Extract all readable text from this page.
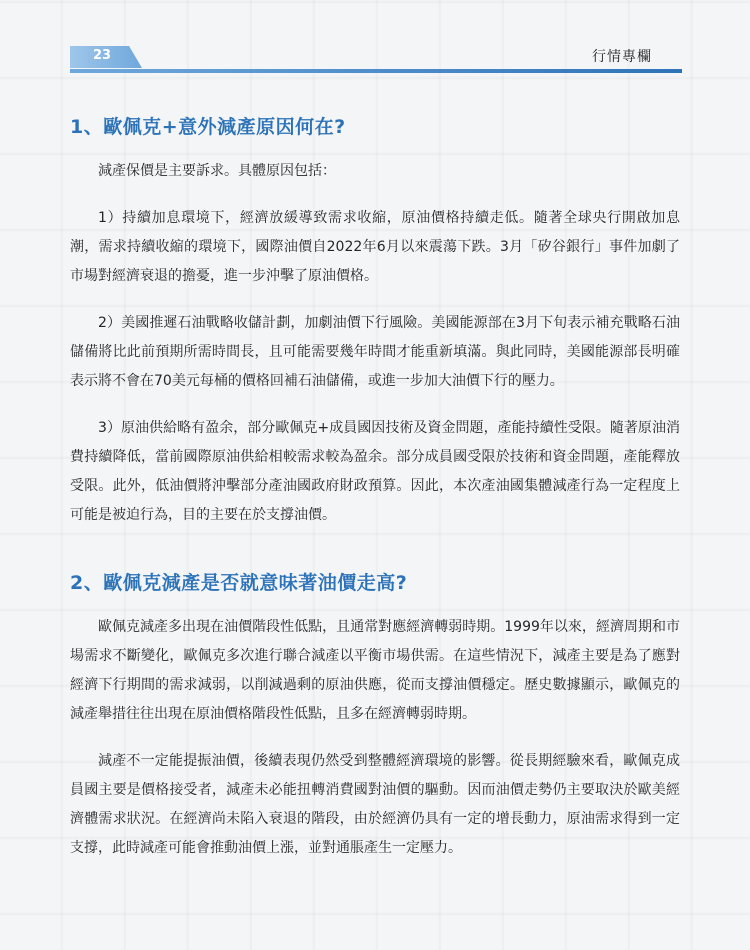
23	行情專欄
1、歐佩克+意外減產原因何在?

減產保價是主要訴求。具體原因包括：

1）持續加息環境下，經濟放緩導致需求收縮，原油價格持續走低。隨著全球央行開啟加息潮，需求持續收縮的環境下，國際油價自2022年6月以來震蕩下跌。3月「矽谷銀行」事件加劇了市場對經濟衰退的擔憂，進一步沖擊了原油價格。

2）美國推遲石油戰略收儲計劃，加劇油價下行風險。美國能源部在3月下旬表示補充戰略石油儲備將比此前預期所需時間長，且可能需要幾年時間才能重新填滿。與此同時，美國能源部長明確表示將不會在70美元每桶的價格回補石油儲備，或進一步加大油價下行的壓力。

3）原油供給略有盈余，部分歐佩克+成員國因技術及資金問題，產能持續性受限。隨著原油消費持續降低，當前國際原油供給相較需求較為盈余。部分成員國受限於技術和資金問題，產能釋放受限。此外，低油價將沖擊部分產油國政府財政預算。因此，本次產油國集體減產行為一定程度上可能是被迫行為，目的主要在於支撐油價。

2、歐佩克減產是否就意味著油價走高?

歐佩克減產多出現在油價階段性低點，且通常對應經濟轉弱時期。1999年以來，經濟周期和市場需求不斷變化，歐佩克多次進行聯合減產以平衡市場供需。在這些情況下，減產主要是為了應對經濟下行期間的需求減弱，以削減過剩的原油供應，從而支撐油價穩定。歷史數據顯示，歐佩克的減產舉措往往出現在原油價格階段性低點，且多在經濟轉弱時期。

減產不一定能提振油價，後續表現仍然受到整體經濟環境的影響。從長期經驗來看，歐佩克成員國主要是價格接受者，減產未必能扭轉消費國對油價的驅動。因而油價走勢仍主要取決於歐美經濟體需求狀況。在經濟尚未陷入衰退的階段，由於經濟仍具有一定的增長動力，原油需求得到一定支撐，此時減產可能會推動油價上漲，並對通脹產生一定壓力。
